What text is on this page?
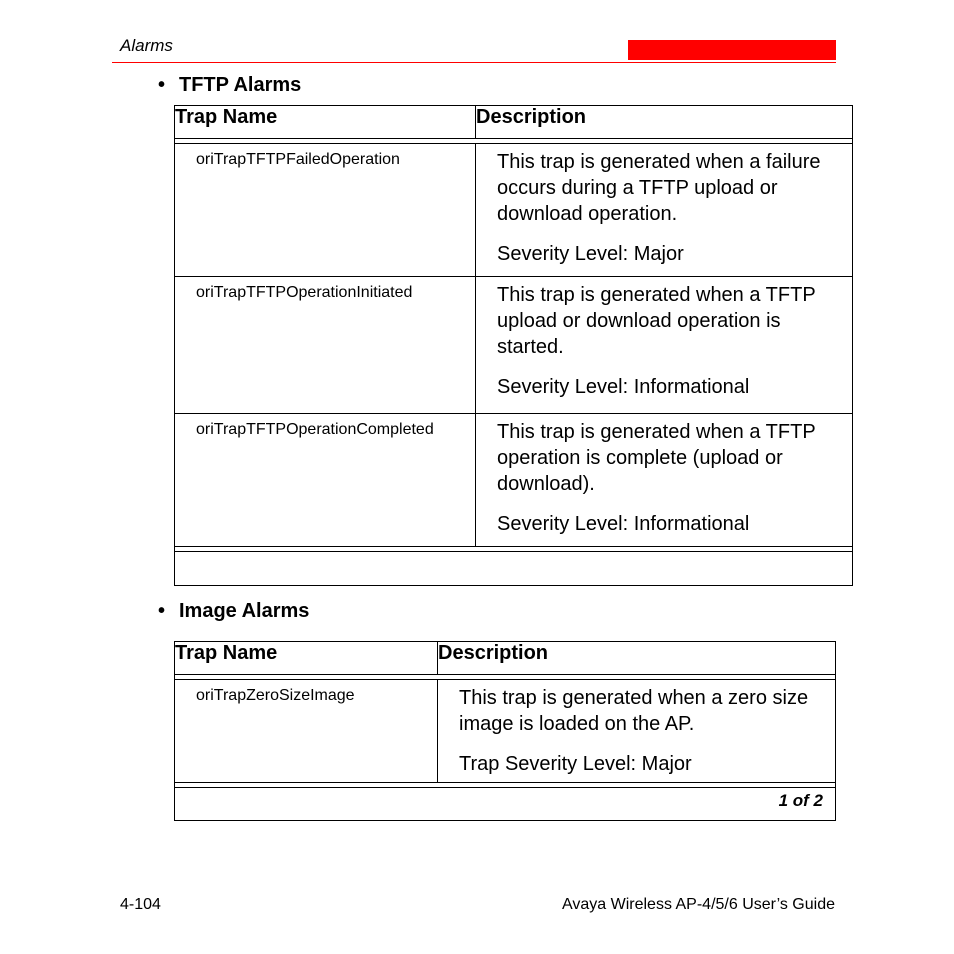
Alarms
• TFTP Alarms
Trap Name	Description

oriTrapTFTPFailedOperation	This trap is generated when a failure occurs during a TFTP upload or download operation.

Severity Level: Major

oriTrapTFTPOperationInitiated	This trap is generated when a TFTP upload or download operation is started.

Severity Level: Informational

oriTrapTFTPOperationCompleted	This trap is generated when a TFTP operation is complete (upload or download).

Severity Level: Informational

• Image Alarms
Trap Name	Description

oriTrapZeroSizeImage	This trap is generated when a zero size image is loaded on the AP.

Trap Severity Level: Major

1 of 2	
4-104	Avaya Wireless AP-4/5/6 User’s Guide
